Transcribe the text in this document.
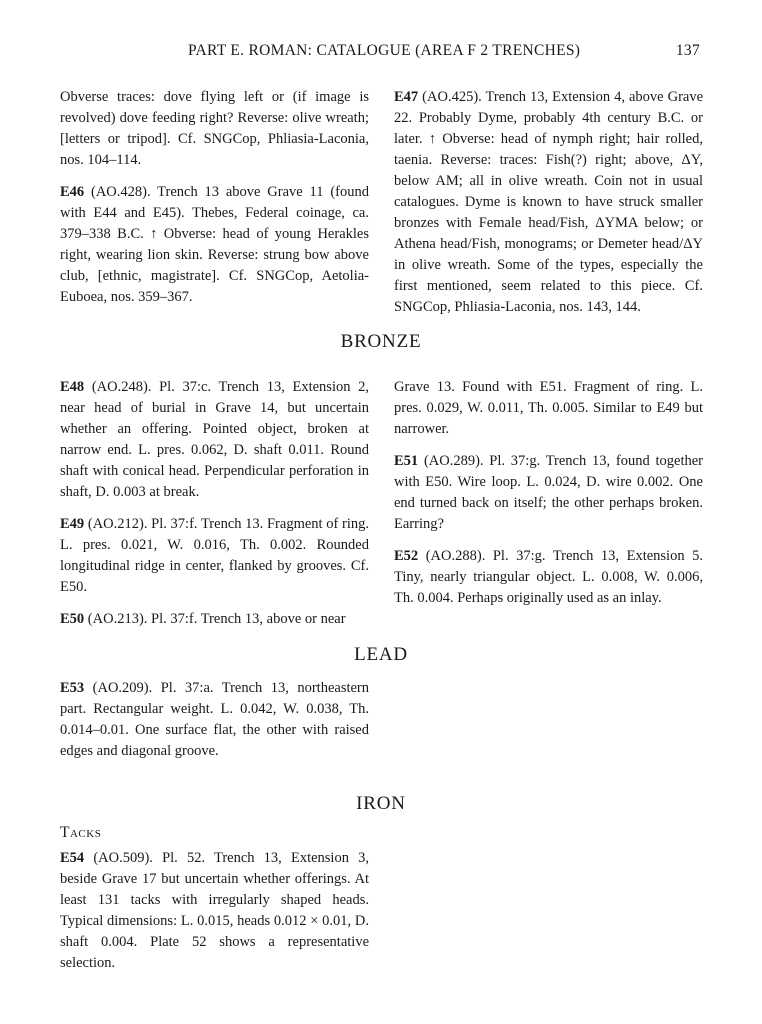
PART E. ROMAN: CATALOGUE (AREA F 2 TRENCHES)	137

Obverse traces: dove flying left or (if image is revolved) dove feeding right? Reverse: olive wreath; [letters or tripod]. Cf. SNGCop, Phliasia-Laconia, nos. 104–114.

E46 (AO.428). Trench 13 above Grave 11 (found with E44 and E45). Thebes, Federal coinage, ca. 379–338 B.C. ↑ Obverse: head of young Herakles right, wearing lion skin. Reverse: strung bow above club, [ethnic, magistrate]. Cf. SNGCop, Aetolia-Euboea, nos. 359–367.

E47 (AO.425). Trench 13, Extension 4, above Grave 22. Probably Dyme, probably 4th century B.C. or later. ↑ Obverse: head of nymph right; hair rolled, taenia. Reverse: traces: Fish(?) right; above, ΔY, below AM; all in olive wreath. Coin not in usual catalogues. Dyme is known to have struck smaller bronzes with Female head/Fish, ΔYMA below; or Athena head/Fish, monograms; or Demeter head/ΔY in olive wreath. Some of the types, especially the first mentioned, seem related to this piece. Cf. SNGCop, Phliasia-Laconia, nos. 143, 144.

BRONZE

E48 (AO.248). Pl. 37:c. Trench 13, Extension 2, near head of burial in Grave 14, but uncertain whether an offering. Pointed object, broken at narrow end. L. pres. 0.062, D. shaft 0.011. Round shaft with conical head. Perpendicular perforation in shaft, D. 0.003 at break.

E49 (AO.212). Pl. 37:f. Trench 13. Fragment of ring. L. pres. 0.021, W. 0.016, Th. 0.002. Rounded longitudinal ridge in center, flanked by grooves. Cf. E50.

E50 (AO.213). Pl. 37:f. Trench 13, above or near

Grave 13. Found with E51. Fragment of ring. L. pres. 0.029, W. 0.011, Th. 0.005. Similar to E49 but narrower.

E51 (AO.289). Pl. 37:g. Trench 13, found together with E50. Wire loop. L. 0.024, D. wire 0.002. One end turned back on itself; the other perhaps broken. Earring?

E52 (AO.288). Pl. 37:g. Trench 13, Extension 5. Tiny, nearly triangular object. L. 0.008, W. 0.006, Th. 0.004. Perhaps originally used as an inlay.

LEAD

E53 (AO.209). Pl. 37:a. Trench 13, northeastern part. Rectangular weight. L. 0.042, W. 0.038, Th. 0.014–0.01. One surface flat, the other with raised edges and diagonal groove.

IRON
Tacks

E54 (AO.509). Pl. 52. Trench 13, Extension 3, beside Grave 17 but uncertain whether offerings. At least 131 tacks with irregularly shaped heads. Typical dimensions: L. 0.015, heads 0.012 × 0.01, D. shaft 0.004. Plate 52 shows a representative selection.
